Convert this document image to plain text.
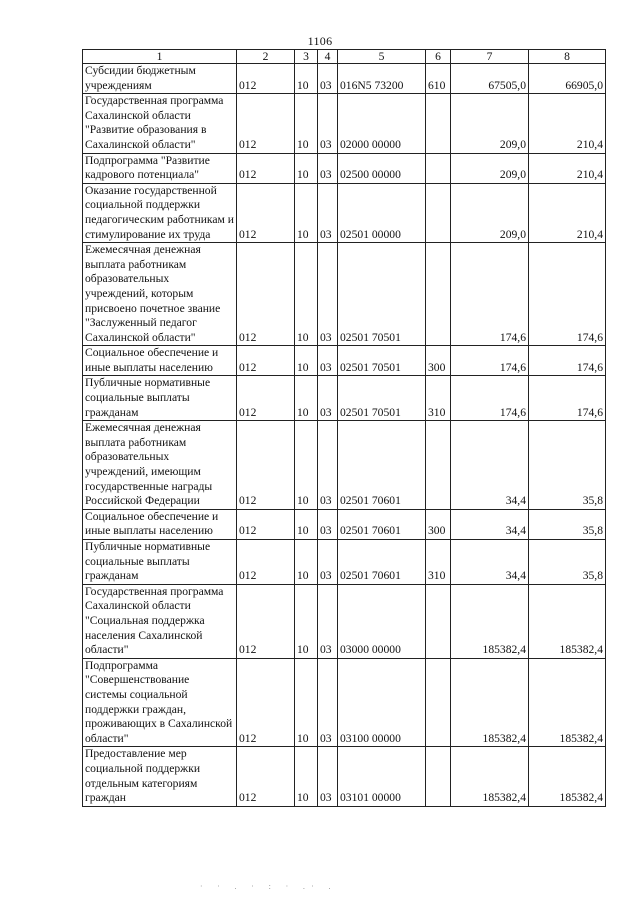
1106
1	2	3	4	5	6	7	8
Субсидии бюджетным учреждениям	012	10	03	016N5 73200	610	67505,0	66905,0
Государственная программа Сахалинской области "Развитие образования в Сахалинской области"	012	10	03	02000 00000		209,0	210,4
Подпрограмма "Развитие кадрового потенциала"	012	10	03	02500 00000		209,0	210,4
Оказание государственной социальной поддержки педагогическим работникам и стимулирование их труда	012	10	03	02501 00000		209,0	210,4
Ежемесячная денежная выплата работникам образовательных учреждений, которым присвоено почетное звание "Заслуженный педагог Сахалинской области"	012	10	03	02501 70501		174,6	174,6
Социальное обеспечение и иные выплаты населению	012	10	03	02501 70501	300	174,6	174,6
Публичные нормативные социальные выплаты гражданам	012	10	03	02501 70501	310	174,6	174,6
Ежемесячная денежная выплата работникам образовательных учреждений, имеющим государственные награды Российской Федерации	012	10	03	02501 70601		34,4	35,8
Социальное обеспечение и иные выплаты населению	012	10	03	02501 70601	300	34,4	35,8
Публичные нормативные социальные выплаты гражданам	012	10	03	02501 70601	310	34,4	35,8
Государственная программа Сахалинской области "Социальная поддержка населения Сахалинской области"	012	10	03	03000 00000		185382,4	185382,4
Подпрограмма "Совершенствование системы социальной поддержки граждан, проживающих в Сахалинской области"	012	10	03	03100 00000		185382,4	185382,4
Предоставление мер социальной поддержки отдельным категориям граждан	012	10	03	03101 00000		185382,4	185382,4
· · . · : · .· .
